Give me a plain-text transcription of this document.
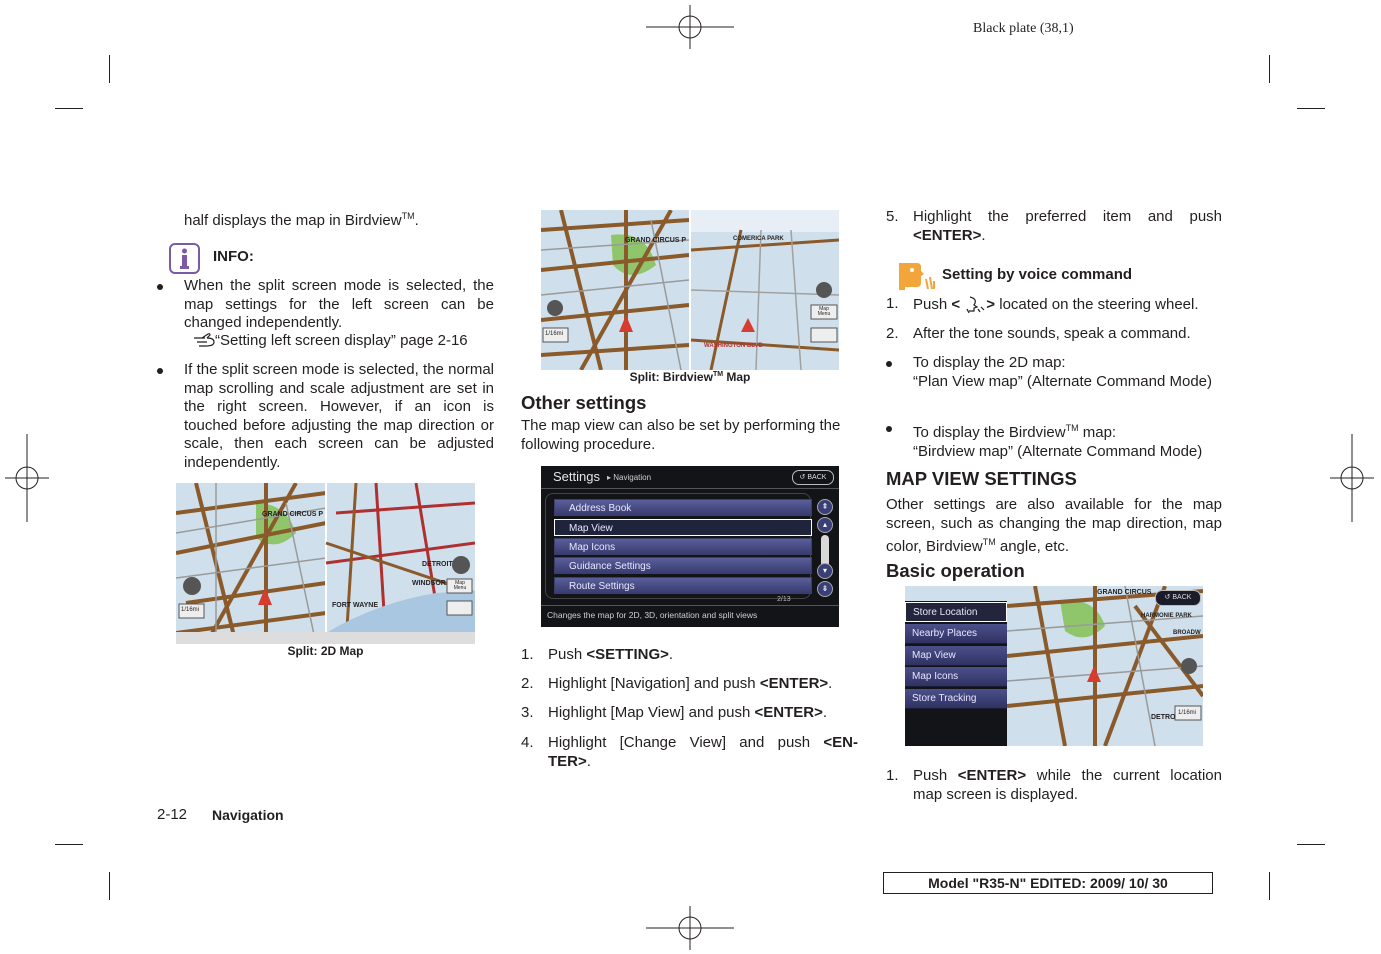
Black plate (38,1)
half displays the map in Birdview™.
INFO:
When the split screen mode is selected, the map settings for the left screen can be changed independently.
“Setting left screen display” page 2-16
If the split screen mode is selected, the normal map scrolling and scale adjustment are set in the right screen. However, if an icon is touched before adjusting the map direction or scale, then each screen can be adjusted independently.
GRAND CIRCUS P
DETROIT
WINDSOR
FORT WAYNE
1/16mi
Map Menu
Split: 2D Map
GRAND CIRCUS P	COMERICA PARK
WASHINGTON BLVD
1/16mi
Map Menu
Split: Birdview™ Map
Other settings
The map view can also be set by performing the following procedure.
Settings ▸ Navigation	↺ BACK
Address Book
Map View
Map Icons
Guidance Settings
Route Settings
⇞
▴
▾
⇟
2/13
Changes the map for 2D, 3D, orientation and split views
1. Push <SETTING>.
2. Highlight [Navigation] and push <ENTER>.
3. Highlight [Map View] and push <ENTER>.
4. Highlight [Change View] and push <EN- TER>.
5. Highlight the preferred item and push <ENTER>.
Setting by voice command
1. Push < > located on the steering wheel.
2. After the tone sounds, speak a command.
To display the 2D map:
“Plan View map” (Alternate Command Mode)
To display the Birdview™ map:
“Birdview map” (Alternate Command Mode)
MAP VIEW SETTINGS
Other settings are also available for the map screen, such as changing the map direction, map color, Birdview™ angle, etc.
Basic operation
GRAND CIRCUS
HARMONIE PARK
BROADW
DETRO
1/16mi
↺ BACK
Store Location
Nearby Places
Map View
Map Icons
Store Tracking
1. Push <ENTER> while the current location map screen is displayed.
2-12 Navigation
Model "R35-N" EDITED: 2009/ 10/ 30
